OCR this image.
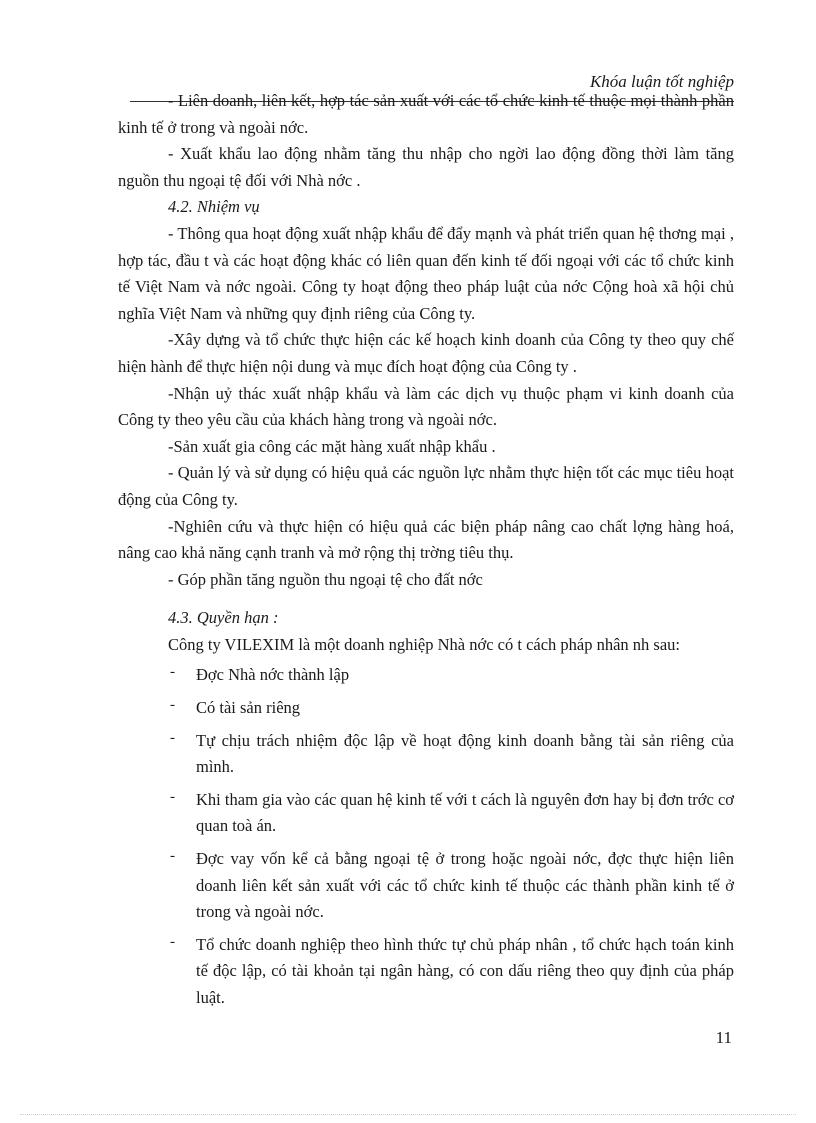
Khóa luận tốt nghiệp

- Liên doanh, liên kết, hợp tác sản xuất với các tổ chức kinh tế thuộc mọi thành phần kinh tế ở trong và ngoài nớc.

- Xuất khẩu lao động nhằm tăng thu nhập cho ngời lao động đồng thời làm tăng nguồn thu ngoại tệ đối với Nhà nớc .

4.2. Nhiệm vụ

- Thông qua hoạt động xuất nhập khẩu để đẩy mạnh và phát triển quan hệ thơng mại , hợp tác, đầu t và các hoạt động khác có liên quan đến kinh tế đối ngoại với các tổ chức kinh tế Việt Nam và nớc ngoài. Công ty hoạt động theo pháp luật của nớc Cộng hoà xã hội chủ nghĩa Việt Nam và những quy định riêng của Công ty.

-Xây dựng và tổ chức thực hiện các kế hoạch kinh doanh của Công ty theo quy chế hiện hành để thực hiện nội dung và mục đích hoạt động của Công ty .

-Nhận uỷ thác xuất nhập khẩu và làm các dịch vụ thuộc phạm vi kinh doanh của Công ty theo yêu cầu của khách hàng trong và ngoài nớc.

-Sản xuất gia công các mặt hàng xuất nhập khẩu .

- Quản lý và sử dụng có hiệu quả các nguồn lực nhằm thực hiện tốt các mục tiêu hoạt động của Công ty.

-Nghiên cứu và thực hiện có hiệu quả các biện pháp nâng cao chất lợng hàng hoá, nâng cao khả năng cạnh tranh và mở rộng thị trờng tiêu thụ.

- Góp phần tăng nguồn thu ngoại tệ cho đất nớc

4.3. Quyền hạn :

Công ty VILEXIM là một doanh nghiệp Nhà nớc có t cách pháp nhân nh sau:

- Đợc Nhà nớc thành lập
- Có tài sản riêng
- Tự chịu trách nhiệm độc lập về hoạt động kinh doanh bằng tài sản riêng của mình.
- Khi tham gia vào các quan hệ kinh tế với t cách là nguyên đơn hay bị đơn trớc cơ quan toà án.
- Đợc vay vốn kể cả bằng ngoại tệ ở trong hoặc ngoài nớc, đợc thực hiện liên doanh liên kết sản xuất với các tổ chức kinh tế thuộc các thành phần kinh tế ở trong và ngoài nớc.
- Tổ chức doanh nghiệp theo hình thức tự chủ pháp nhân , tổ chức hạch toán kinh tế độc lập, có tài khoản tại ngân hàng, có con dấu riêng theo quy định của pháp luật.
11
